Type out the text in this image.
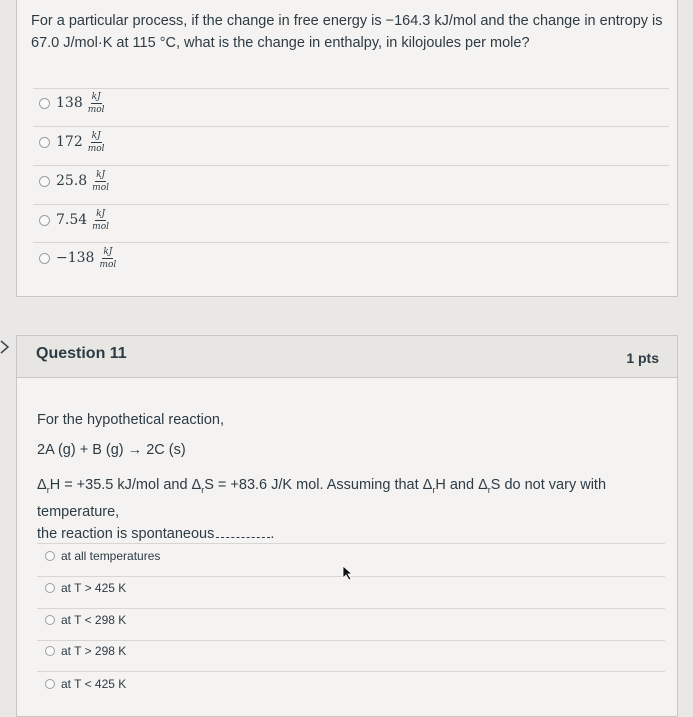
For a particular process, if the change in free energy is −164.3 kJ/mol and the change in entropy is 67.0 J/mol·K at 115 °C, what is the change in enthalpy, in kilojoules per mole?
$138 \frac{kJ}{\text{mol}}$
$172 \frac{kJ}{\text{mol}}$
$25.8 \frac{kJ}{\text{mol}}$
$7.54 \frac{kJ}{\text{mol}}$
$-138 \frac{kJ}{\text{mol}}$
Question 11	1 pts
For the hypothetical reaction,
2A (g) + B (g) → 2C (s)
$\Delta_rH = +35.5$ kJ/mol and $\Delta_rS = +83.6$ J/K mol. Assuming that $\Delta_rH$ and $\Delta_rS$ do not vary with temperature,
the reaction is spontaneous	.
at all temperatures
at T > 425 K
at T < 298 K
at T > 298 K
at T < 425 K
